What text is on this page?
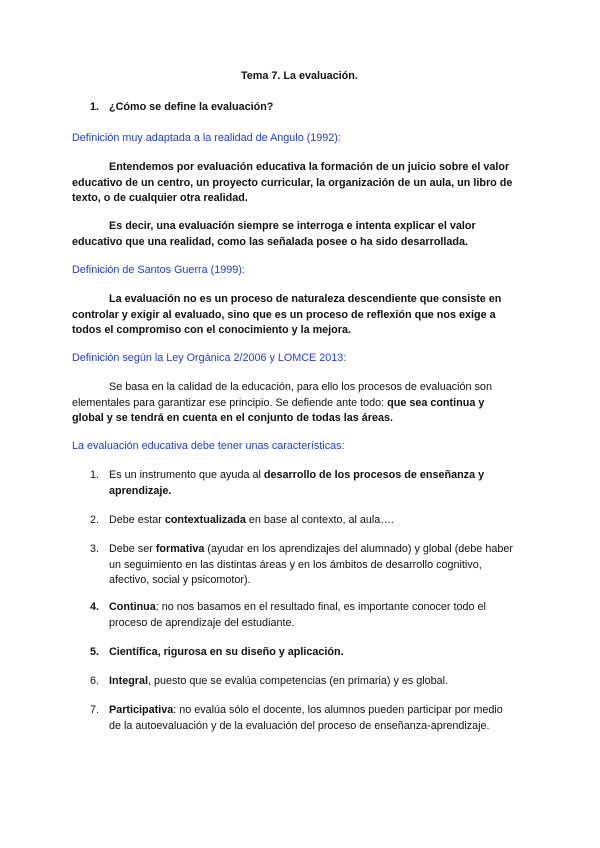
Tema 7. La evaluación.
1. ¿Cómo se define la evaluación?
Definición muy adaptada a la realidad de Angulo (1992):
Entendemos por evaluación educativa la formación de un juicio sobre el valor
educativo de un centro, un proyecto curricular, la organización de un aula, un libro de
texto, o de cualquier otra realidad.
Es decir, una evaluación siempre se interroga e intenta explicar el valor
educativo que una realidad, como las señalada posee o ha sido desarrollada.
Definición de Santos Guerra (1999):
La evaluación no es un proceso de naturaleza descendiente que consiste en
controlar y exigir al evaluado, sino que es un proceso de reflexión que nos exige a
todos el compromiso con el conocimiento y la mejora.
Definición según la Ley Orgánica 2/2006 y LOMCE 2013:
Se basa en la calidad de la educación, para ello los procesos de evaluación son
elementales para garantizar ese principio. Se defiende ante todo: que sea continua y
global y se tendrá en cuenta en el conjunto de todas las áreas.
La evaluación educativa debe tener unas características:
1. Es un instrumento que ayuda al desarrollo de los procesos de enseñanza y
aprendizaje.
2. Debe estar contextualizada en base al contexto, al aula….
3. Debe ser formativa (ayudar en los aprendizajes del alumnado) y global (debe haber
un seguimiento en las distintas áreas y en los ámbitos de desarrollo cognitivo,
afectivo, social y psicomotor).
4. Continua: no nos basamos en el resultado final, es importante conocer todo el
proceso de aprendizaje del estudiante.
5. Científica, rigurosa en su diseño y aplicación.
6. Integral, puesto que se evalúa competencias (en primaria) y es global.
7. Participativa: no evalúa sólo el docente, los alumnos pueden participar por medio
de la autoevaluación y de la evaluación del proceso de enseñanza-aprendizaje.
